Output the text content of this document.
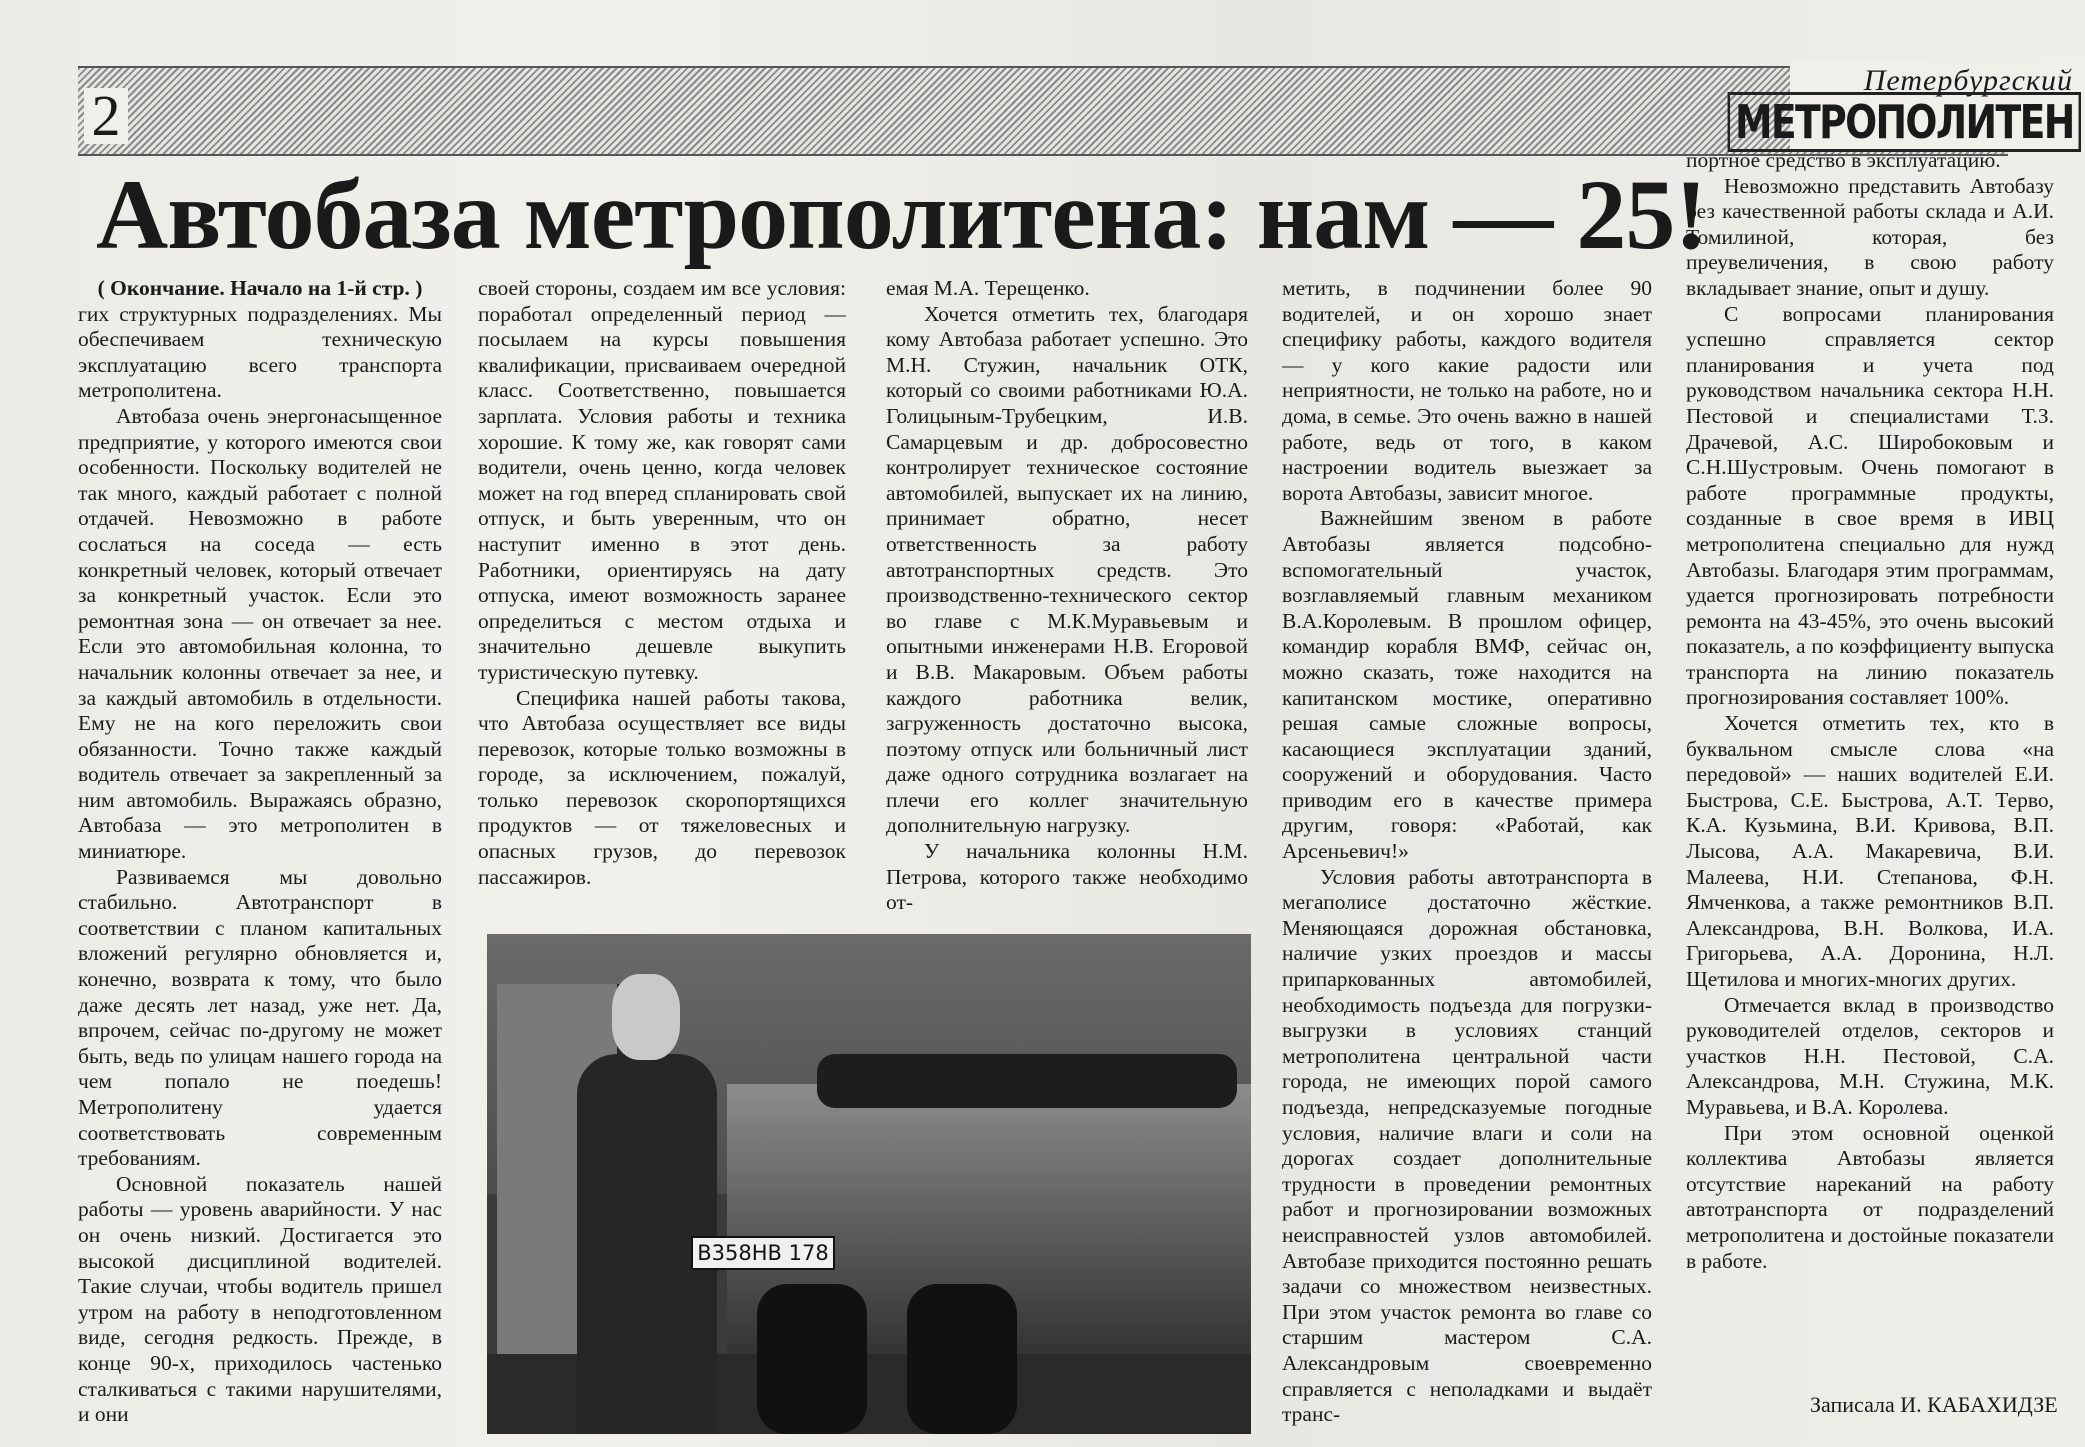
2
Петербургский
МЕТРОПОЛИТЕН
Автобаза метрополитена: нам — 25!

( Окончание. Начало на 1-й стр. )

гих структурных подразделениях. Мы обеспечиваем техническую эксплуатацию всего транспорта метрополитена.

Автобаза очень энергонасыщенное предприятие, у которого имеются свои особенности. Поскольку водителей не так много, каждый работает с полной отдачей. Невозможно в работе сослаться на соседа — есть конкретный человек, который отвечает за конкретный участок. Если это ремонтная зона — он отвечает за нее. Если это автомобильная колонна, то начальник колонны отвечает за нее, и за каждый автомобиль в отдельности. Ему не на кого переложить свои обязанности. Точно также каждый водитель отвечает за закрепленный за ним автомобиль. Выражаясь образно, Автобаза — это метрополитен в миниатюре.

Развиваемся мы довольно стабильно. Автотранспорт в соответствии с планом капитальных вложений регулярно обновляется и, конечно, возврата к тому, что было даже десять лет назад, уже нет. Да, впрочем, сейчас по-другому не может быть, ведь по улицам нашего города на чем попало не поедешь! Метрополитену удается соответствовать современным требованиям.

Основной показатель нашей работы — уровень аварийности. У нас он очень низкий. Достигается это высокой дисциплиной водителей. Такие случаи, чтобы водитель пришел утром на работу в неподготовленном виде, сегодня редкость. Прежде, в конце 90-х, приходилось частенько сталкиваться с такими нарушителями, и они

своей стороны, создаем им все условия: поработал определенный период — посылаем на курсы повышения квалификации, присваиваем очередной класс. Соответственно, повышается зарплата. Условия работы и техника хорошие. К тому же, как говорят сами водители, очень ценно, когда человек может на год вперед спланировать свой отпуск, и быть уверенным, что он наступит именно в этот день. Работники, ориентируясь на дату отпуска, имеют возможность заранее определиться с местом отдыха и значительно дешевле выкупить туристическую путевку.

Специфика нашей работы такова, что Автобаза осуществляет все виды перевозок, которые только возможны в городе, за исключением, пожалуй, только перевозок скоропортящихся продуктов — от тяжеловесных и опасных грузов, до перевозок пассажиров.

емая М.А. Терещенко.

Хочется отметить тех, благодаря кому Автобаза работает успешно. Это М.Н. Стужин, начальник ОТК, который со своими работниками Ю.А. Голицыным-Трубецким, И.В. Самарцевым и др. добросовестно контролирует техническое состояние автомобилей, выпускает их на линию, принимает обратно, несет ответственность за работу автотранспортных средств. Это производственно-технического сектор во главе с М.К.Муравьевым и опытными инженерами Н.В. Егоровой и В.В. Макаровым. Объем работы каждого работника велик, загруженность достаточно высока, поэтому отпуск или больничный лист даже одного сотрудника возлагает на плечи его коллег значительную дополнительную нагрузку.

У начальника колонны Н.М. Петрова, которого также необходимо от-

метить, в подчинении более 90 водителей, и он хорошо знает специфику работы, каждого водителя — у кого какие радости или неприятности, не только на работе, но и дома, в семье. Это очень важно в нашей работе, ведь от того, в каком настроении водитель выезжает за ворота Автобазы, зависит многое.

Важнейшим звеном в работе Автобазы является подсобно-вспомогательный участок, возглавляемый главным механиком В.А.Королевым. В прошлом офицер, командир корабля ВМФ, сейчас он, можно сказать, тоже находится на капитанском мостике, оперативно решая самые сложные вопросы, касающиеся эксплуатации зданий, сооружений и оборудования. Часто приводим его в качестве примера другим, говоря: «Работай, как Арсеньевич!»

Условия работы автотранспорта в мегаполисе достаточно жёсткие. Меняющаяся дорожная обстановка, наличие узких проездов и массы припаркованных автомобилей, необходимость подъезда для погрузки-выгрузки в условиях станций метрополитена центральной части города, не имеющих порой самого подъезда, непредсказуемые погодные условия, наличие влаги и соли на дорогах создает дополнительные трудности в проведении ремонтных работ и прогнозировании возможных неисправностей узлов автомобилей. Автобазе приходится постоянно решать задачи со множеством неизвестных. При этом участок ремонта во главе со старшим мастером С.А. Александровым своевременно справляется с неполадками и выдаёт транс-

портное средство в эксплуатацию.

Невозможно представить Автобазу без качественной работы склада и А.И. Томилиной, которая, без преувеличения, в свою работу вкладывает знание, опыт и душу.

С вопросами планирования успешно справляется сектор планирования и учета под руководством начальника сектора Н.Н. Пестовой и специалистами Т.З. Драчевой, А.С. Широбоковым и С.Н.Шустровым. Очень помогают в работе программные продукты, созданные в свое время в ИВЦ метрополитена специально для нужд Автобазы. Благодаря этим программам, удается прогнозировать потребности ремонта на 43-45%, это очень высокий показатель, а по коэффициенту выпуска транспорта на линию показатель прогнозирования составляет 100%.

Хочется отметить тех, кто в буквальном смысле слова «на передовой» — наших водителей Е.И. Быстрова, С.Е. Быстрова, А.Т. Терво, К.А. Кузьмина, В.И. Кривова, В.П. Лысова, А.А. Макаревича, В.И. Малеева, Н.И. Степанова, Ф.Н. Ямченкова, а также ремонтников В.П. Александрова, В.Н. Волкова, И.А. Григорьева, А.А. Доронина, Н.Л. Щетилова и многих-многих других.

Отмечается вклад в производство руководителей отделов, секторов и участков Н.Н. Пестовой, С.А. Александрова, М.Н. Стужина, М.К. Муравьева, и В.А. Королева.

При этом основной оценкой коллектива Автобазы является отсутствие нареканий на работу автотранспорта от подразделений метрополитена и достойные показатели в работе.

В358НВ 178
Записала И. КАБАХИДЗЕ
